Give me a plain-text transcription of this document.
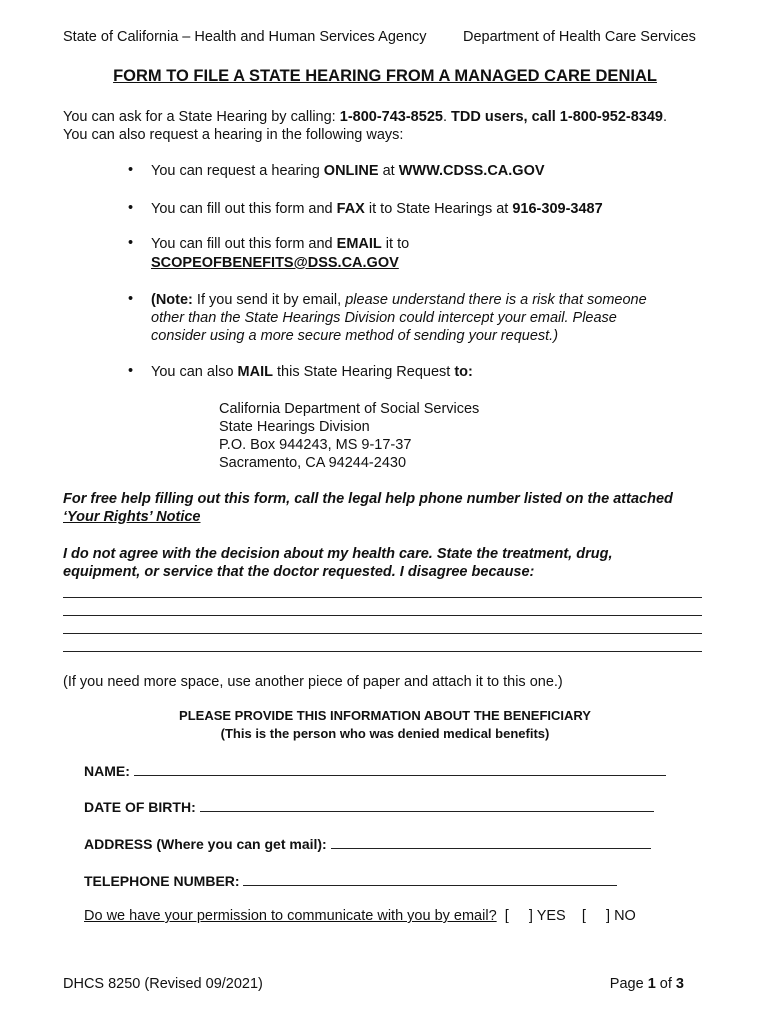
State of California – Health and Human Services Agency	Department of Health Care Services
FORM TO FILE A STATE HEARING FROM A MANAGED CARE DENIAL
You can ask for a State Hearing by calling: 1-800-743-8525. TDD users, call 1-800-952-8349.
You can also request a hearing in the following ways:
• You can request a hearing ONLINE at WWW.CDSS.CA.GOV
• You can fill out this form and FAX it to State Hearings at 916-309-3487
• You can fill out this form and EMAIL it to
SCOPEOFBENEFITS@DSS.CA.GOV
• (Note: If you send it by email, please understand there is a risk that someone
other than the State Hearings Division could intercept your email. Please
consider using a more secure method of sending your request.)
• You can also MAIL this State Hearing Request to:
California Department of Social Services
State Hearings Division
P.O. Box 944243, MS 9-17-37
Sacramento, CA 94244-2430
For free help filling out this form, call the legal help phone number listed on the attached
‘Your Rights’ Notice
I do not agree with the decision about my health care. State the treatment, drug,
equipment, or service that the doctor requested. I disagree because:
(If you need more space, use another piece of paper and attach it to this one.)
PLEASE PROVIDE THIS INFORMATION ABOUT THE BENEFICIARY
(This is the person who was denied medical benefits)
NAME:
DATE OF BIRTH:
ADDRESS (Where you can get mail):
TELEPHONE NUMBER:
Do we have your permission to communicate with you by email?  [     ] YES    [     ] NO
DHCS 8250 (Revised 09/2021)	Page 1 of 3
